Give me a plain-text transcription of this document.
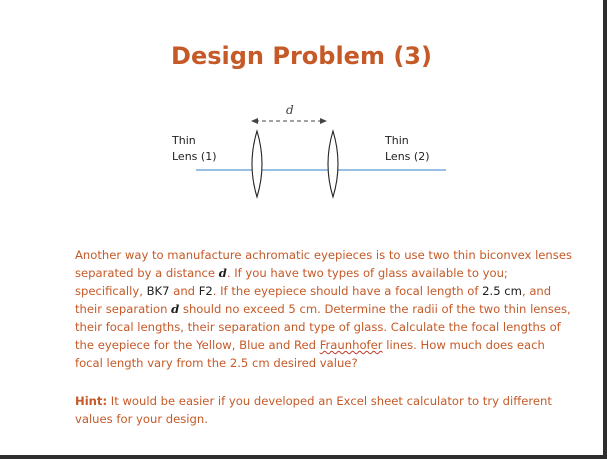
Design Problem (3)
d
Thin
Lens (1)
Thin
Lens (2)

Another way to manufacture achromatic eyepieces is to use two thin biconvex lenses separated by a distance d. If you have two types of glass available to you; specifically, BK7 and F2. If the eyepiece should have a focal length of 2.5 cm, and their separation d should no exceed 5 cm. Determine the radii of the two thin lenses, their focal lengths, their separation and type of glass. Calculate the focal lengths of the eyepiece for the Yellow, Blue and Red Fraunhofer lines. How much does each focal length vary from the 2.5 cm desired value?

Hint: It would be easier if you developed an Excel sheet calculator to try different values for your design.
